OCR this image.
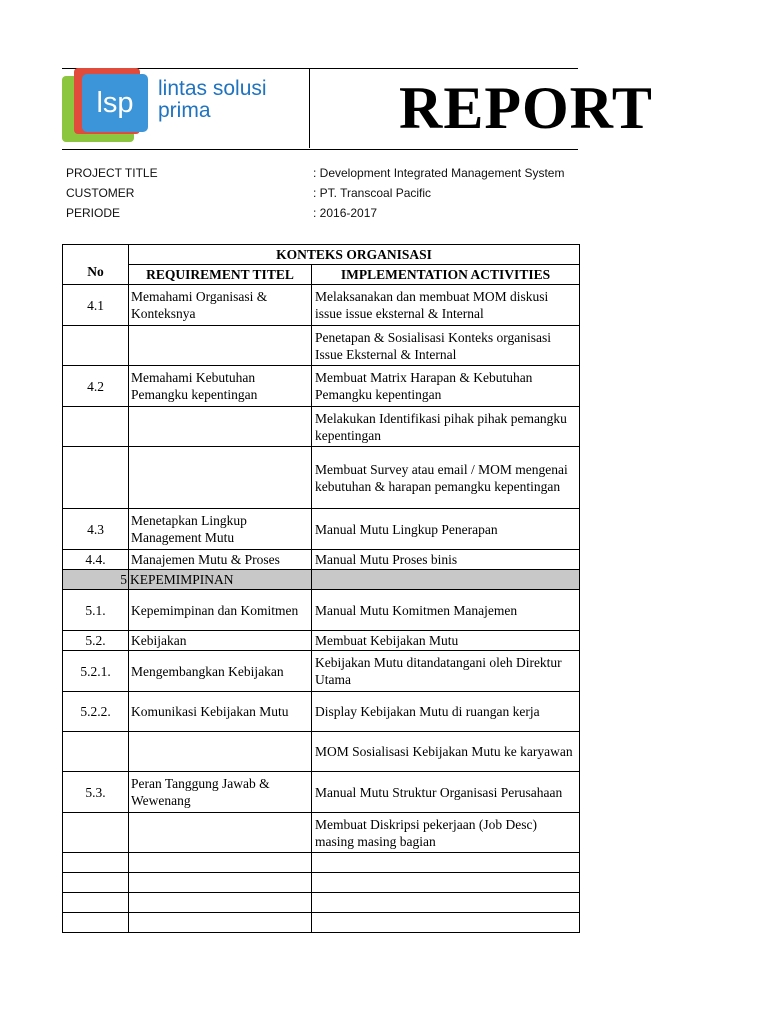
lsp lintas solusi
prima	REPORT
PROJECT TITLE	: Development Integrated Management System
CUSTOMER	: PT. Transcoal Pacific
PERIODE	: 2016-2017
No	KONTEKS ORGANISASI	
	REQUIREMENT TITEL	IMPLEMENTATION ACTIVITIES
4.1	Memahami Organisasi & Konteksnya	Melaksanakan dan membuat MOM diskusi issue issue eksternal & Internal
		Penetapan & Sosialisasi Konteks organisasi Issue Eksternal & Internal
4.2	Memahami Kebutuhan Pemangku kepentingan	Membuat Matrix Harapan & Kebutuhan Pemangku kepentingan
		Melakukan Identifikasi pihak pihak pemangku kepentingan
		Membuat Survey atau email / MOM mengenai kebutuhan & harapan pemangku kepentingan
4.3	Menetapkan Lingkup Management Mutu	Manual Mutu Lingkup Penerapan
4.4.	Manajemen Mutu & Proses	Manual Mutu Proses binis
5	KEPEMIMPINAN	
5.1.	Kepemimpinan dan Komitmen	Manual Mutu Komitmen Manajemen
5.2.	Kebijakan	Membuat Kebijakan Mutu
5.2.1.	Mengembangkan Kebijakan	Kebijakan Mutu ditandatangani oleh Direktur Utama
5.2.2.	Komunikasi Kebijakan Mutu	Display Kebijakan Mutu di ruangan kerja
		MOM Sosialisasi Kebijakan Mutu ke karyawan
5.3.	Peran Tanggung Jawab & Wewenang	Manual Mutu Struktur Organisasi Perusahaan
		Membuat Diskripsi pekerjaan (Job Desc) masing masing bagian
